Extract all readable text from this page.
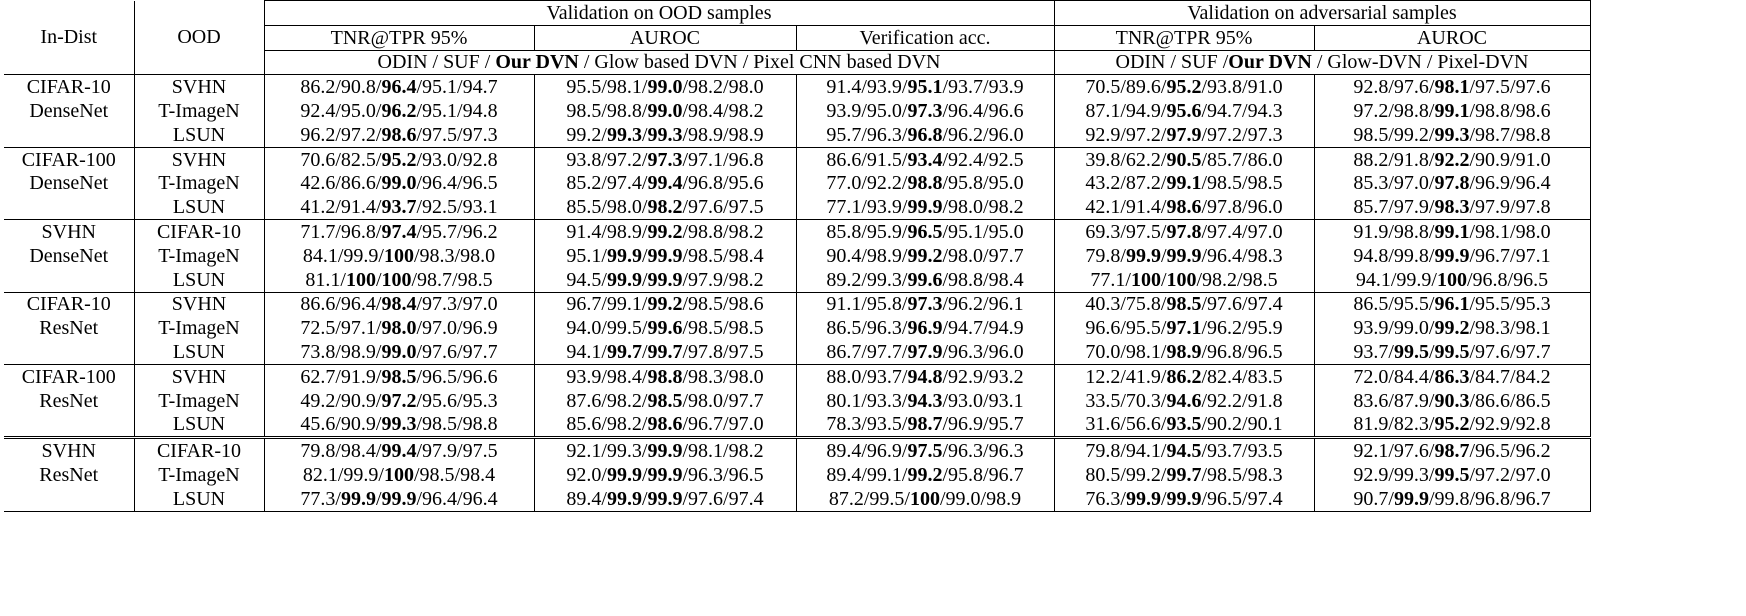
In-Dist	OOD	Validation on OOD samples			Validation on adversarial samples	
		TNR@TPR 95%	AUROC	Verification acc.	TNR@TPR 95%	AUROC
		ODIN / SUF / Our DVN / Glow based DVN / Pixel CNN based DVN			ODIN / SUF /Our DVN / Glow-DVN / Pixel-DVN	
CIFAR-10	SVHN	86.2/90.8/96.4/95.1/94.7	95.5/98.1/99.0/98.2/98.0	91.4/93.9/95.1/93.7/93.9	70.5/89.6/95.2/93.8/91.0	92.8/97.6/98.1/97.5/97.6
DenseNet	T-ImageN	92.4/95.0/96.2/95.1/94.8	98.5/98.8/99.0/98.4/98.2	93.9/95.0/97.3/96.4/96.6	87.1/94.9/95.6/94.7/94.3	97.2/98.8/99.1/98.8/98.6
	LSUN	96.2/97.2/98.6/97.5/97.3	99.2/99.3/99.3/98.9/98.9	95.7/96.3/96.8/96.2/96.0	92.9/97.2/97.9/97.2/97.3	98.5/99.2/99.3/98.7/98.8
CIFAR-100	SVHN	70.6/82.5/95.2/93.0/92.8	93.8/97.2/97.3/97.1/96.8	86.6/91.5/93.4/92.4/92.5	39.8/62.2/90.5/85.7/86.0	88.2/91.8/92.2/90.9/91.0
DenseNet	T-ImageN	42.6/86.6/99.0/96.4/96.5	85.2/97.4/99.4/96.8/95.6	77.0/92.2/98.8/95.8/95.0	43.2/87.2/99.1/98.5/98.5	85.3/97.0/97.8/96.9/96.4
	LSUN	41.2/91.4/93.7/92.5/93.1	85.5/98.0/98.2/97.6/97.5	77.1/93.9/99.9/98.0/98.2	42.1/91.4/98.6/97.8/96.0	85.7/97.9/98.3/97.9/97.8
SVHN	CIFAR-10	71.7/96.8/97.4/95.7/96.2	91.4/98.9/99.2/98.8/98.2	85.8/95.9/96.5/95.1/95.0	69.3/97.5/97.8/97.4/97.0	91.9/98.8/99.1/98.1/98.0
DenseNet	T-ImageN	84.1/99.9/100/98.3/98.0	95.1/99.9/99.9/98.5/98.4	90.4/98.9/99.2/98.0/97.7	79.8/99.9/99.9/96.4/98.3	94.8/99.8/99.9/96.7/97.1
	LSUN	81.1/100/100/98.7/98.5	94.5/99.9/99.9/97.9/98.2	89.2/99.3/99.6/98.8/98.4	77.1/100/100/98.2/98.5	94.1/99.9/100/96.8/96.5
CIFAR-10	SVHN	86.6/96.4/98.4/97.3/97.0	96.7/99.1/99.2/98.5/98.6	91.1/95.8/97.3/96.2/96.1	40.3/75.8/98.5/97.6/97.4	86.5/95.5/96.1/95.5/95.3
ResNet	T-ImageN	72.5/97.1/98.0/97.0/96.9	94.0/99.5/99.6/98.5/98.5	86.5/96.3/96.9/94.7/94.9	96.6/95.5/97.1/96.2/95.9	93.9/99.0/99.2/98.3/98.1
	LSUN	73.8/98.9/99.0/97.6/97.7	94.1/99.7/99.7/97.8/97.5	86.7/97.7/97.9/96.3/96.0	70.0/98.1/98.9/96.8/96.5	93.7/99.5/99.5/97.6/97.7
CIFAR-100	SVHN	62.7/91.9/98.5/96.5/96.6	93.9/98.4/98.8/98.3/98.0	88.0/93.7/94.8/92.9/93.2	12.2/41.9/86.2/82.4/83.5	72.0/84.4/86.3/84.7/84.2
ResNet	T-ImageN	49.2/90.9/97.2/95.6/95.3	87.6/98.2/98.5/98.0/97.7	80.1/93.3/94.3/93.0/93.1	33.5/70.3/94.6/92.2/91.8	83.6/87.9/90.3/86.6/86.5
	LSUN	45.6/90.9/99.3/98.5/98.8	85.6/98.2/98.6/96.7/97.0	78.3/93.5/98.7/96.9/95.7	31.6/56.6/93.5/90.2/90.1	81.9/82.3/95.2/92.9/92.8
SVHN	CIFAR-10	79.8/98.4/99.4/97.9/97.5	92.1/99.3/99.9/98.1/98.2	89.4/96.9/97.5/96.3/96.3	79.8/94.1/94.5/93.7/93.5	92.1/97.6/98.7/96.5/96.2
ResNet	T-ImageN	82.1/99.9/100/98.5/98.4	92.0/99.9/99.9/96.3/96.5	89.4/99.1/99.2/95.8/96.7	80.5/99.2/99.7/98.5/98.3	92.9/99.3/99.5/97.2/97.0
	LSUN	77.3/99.9/99.9/96.4/96.4	89.4/99.9/99.9/97.6/97.4	87.2/99.5/100/99.0/98.9	76.3/99.9/99.9/96.5/97.4	90.7/99.9/99.8/96.8/96.7
